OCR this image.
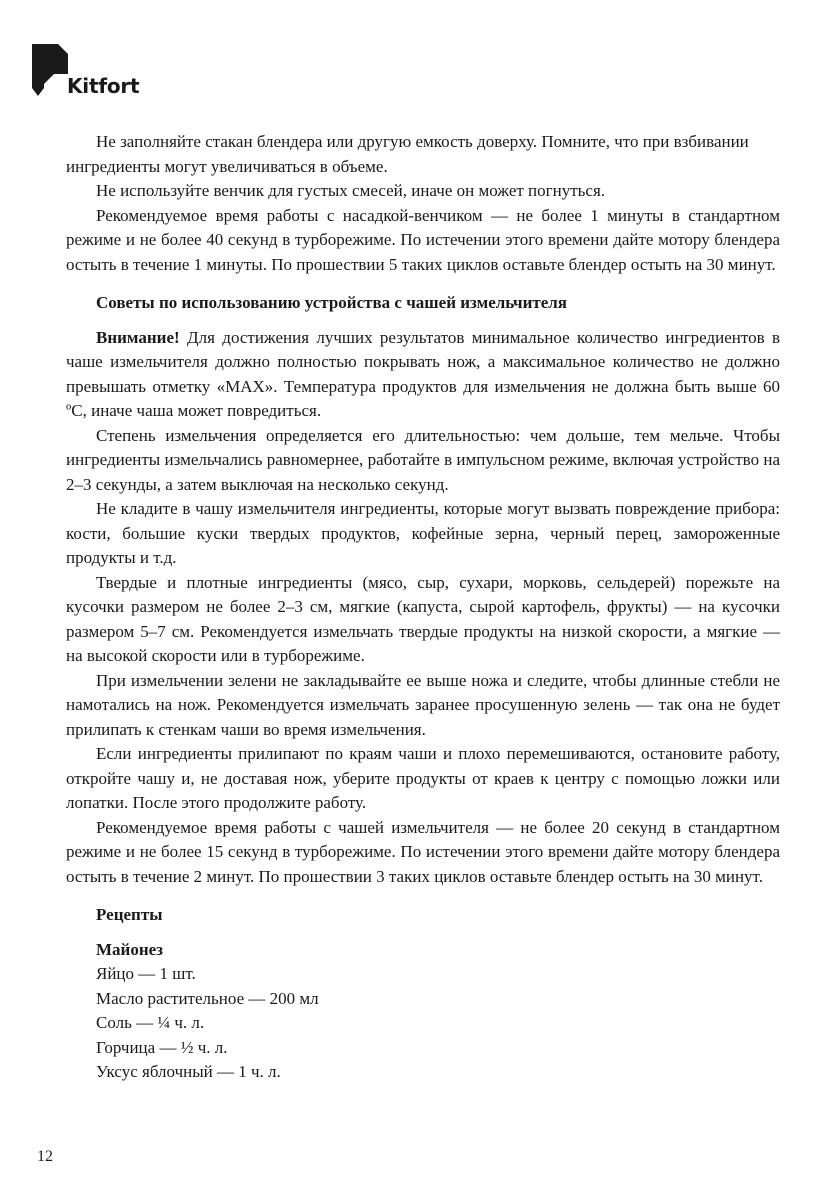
Kitfort

Не заполняйте стакан блендера или другую емкость доверху. Помните, что при взбивании ингредиенты могут увеличиваться в объеме.

Не используйте венчик для густых смесей, иначе он может погнуться.

Рекомендуемое время работы с насадкой-венчиком — не более 1 минуты в стандартном режиме и не более 40 секунд в турборежиме. По истечении этого времени дайте мотору блендера остыть в течение 1 минуты. По прошествии 5 таких циклов оставьте блендер остыть на 30 минут.

Советы по использованию устройства с чашей измельчителя

Внимание! Для достижения лучших результатов минимальное количество ингредиентов в чаше измельчителя должно полностью покрывать нож, а максимальное количество не должно превышать отметку «MAX». Температура продуктов для измельчения не должна быть выше 60 ºС, иначе чаша может повредиться.

Степень измельчения определяется его длительностью: чем дольше, тем мельче. Чтобы ингредиенты измельчались равномернее, работайте в импульсном режиме, включая устройство на 2–3 секунды, а затем выключая на несколько секунд.

Не кладите в чашу измельчителя ингредиенты, которые могут вызвать повреждение прибора: кости, большие куски твердых продуктов, кофейные зерна, черный перец, замороженные продукты и т.д.

Твердые и плотные ингредиенты (мясо, сыр, сухари, морковь, сельдерей) порежьте на кусочки размером не более 2–3 см, мягкие (капуста, сырой картофель, фрукты) — на кусочки размером 5–7 см. Рекомендуется измельчать твердые продукты на низкой скорости, а мягкие — на высокой скорости или в турборежиме.

При измельчении зелени не закладывайте ее выше ножа и следите, чтобы длинные стебли не намотались на нож. Рекомендуется измельчать заранее просушенную зелень — так она не будет прилипать к стенкам чаши во время измельчения.

Если ингредиенты прилипают по краям чаши и плохо перемешиваются, остановите работу, откройте чашу и, не доставая нож, уберите продукты от краев к центру с помощью ложки или лопатки. После этого продолжите работу.

Рекомендуемое время работы с чашей измельчителя — не более 20 секунд в стандартном режиме и не более 15 секунд в турборежиме. По истечении этого времени дайте мотору блендера остыть в течение 2 минут. По прошествии 3 таких циклов оставьте блендер остыть на 30 минут.

Рецепты
Майонез
Яйцо — 1 шт.
Масло растительное — 200 мл
Соль — ¼ ч. л.
Горчица — ½ ч. л.
Уксус яблочный — 1 ч. л.
12
